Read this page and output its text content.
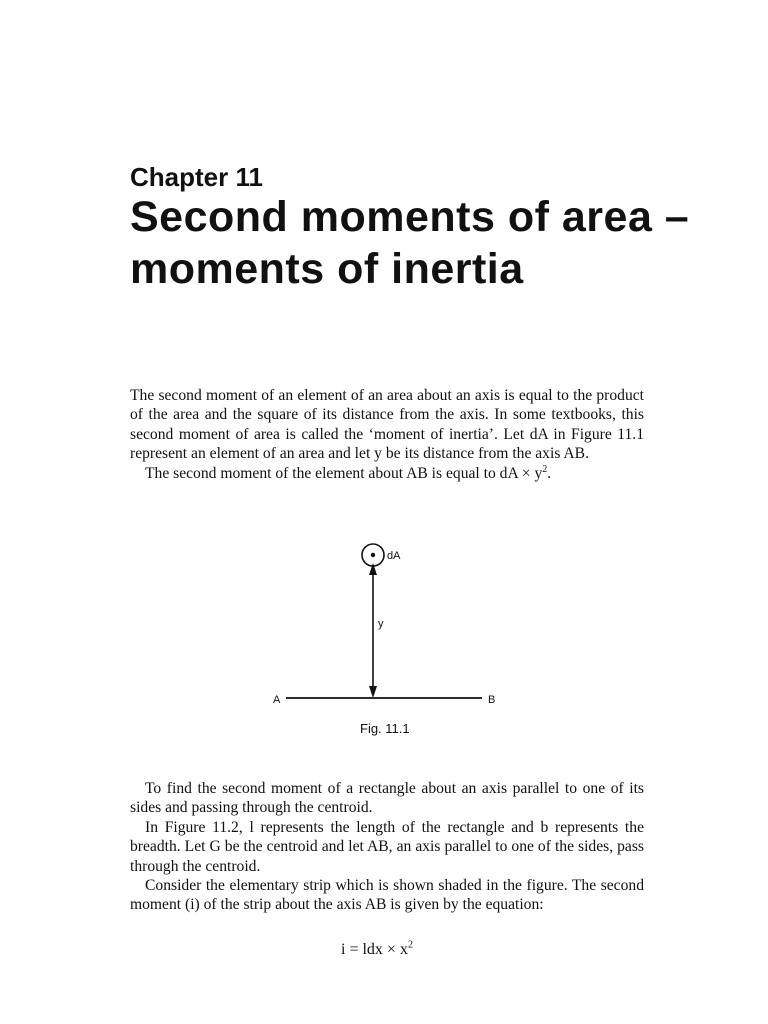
Chapter 11
Second moments of area – moments of inertia

The second moment of an element of an area about an axis is equal to the product of the area and the square of its distance from the axis. In some textbooks, this second moment of area is called the ‘moment of inertia’. Let dA in Figure 11.1 represent an element of an area and let y be its distance from the axis AB.

The second moment of the element about AB is equal to dA × $y^2$.

dA
y
A	B
Fig. 11.1

To find the second moment of a rectangle about an axis parallel to one of its sides and passing through the centroid.

In Figure 11.2, l represents the length of the rectangle and b represents the breadth. Let G be the centroid and let AB, an axis parallel to one of the sides, pass through the centroid.

Consider the elementary strip which is shown shaded in the figure. The second moment (i) of the strip about the axis AB is given by the equation:

i = ldx × $x^2$
